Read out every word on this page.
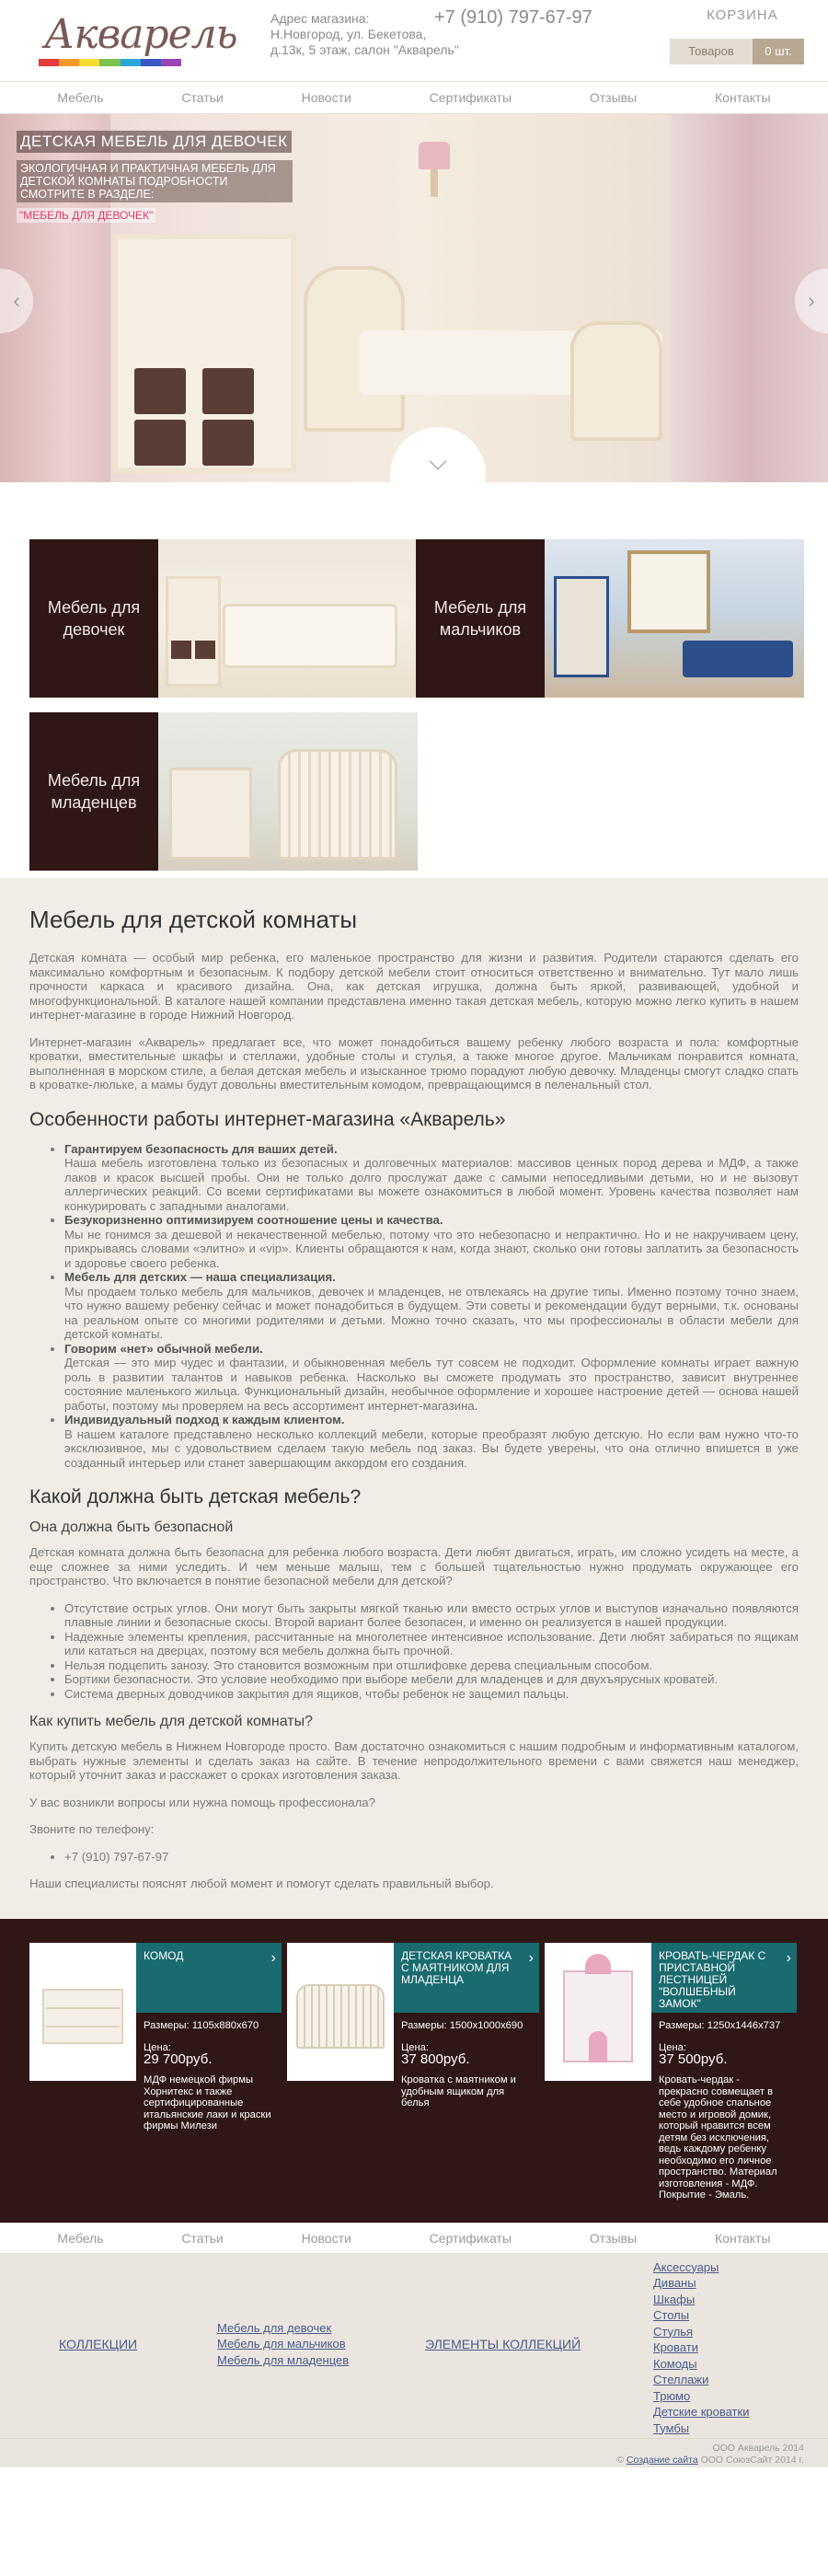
Акварель	Адрес магазина:
Н.Новгород, ул. Бекетова,
д.13к, 5 этаж, салон "Акварель"
+7 (910) 797-67-97	КОРЗИНА
Товаров	0 шт.
Мебель	Статьи	Новости	Сертификаты	Отзывы	Контакты
ДЕТСКАЯ МЕБЕЛЬ ДЛЯ ДЕВОЧЕК
ЭКОЛОГИЧНАЯ И ПРАКТИЧНАЯ МЕБЕЛЬ ДЛЯ ДЕТСКОЙ КОМНАТЫ ПОДРОБНОСТИ СМОТРИТЕ В РАЗДЕЛЕ:
"МЕБЕЛЬ ДЛЯ ДЕВОЧЕК"
‹	›
⌵
Мебель для девочек
Мебель для мальчиков
Мебель для младенцев
Мебель для детской комнаты

Детская комната — особый мир ребенка, его маленькое пространство для жизни и развития. Родители стараются сделать его максимально комфортным и безопасным. К подбору детской мебели стоит относиться ответственно и внимательно. Тут мало лишь прочности каркаса и красивого дизайна. Она, как детская игрушка, должна быть яркой, развивающей, удобной и многофункциональной. В каталоге нашей компании представлена именно такая детская мебель, которую можно легко купить в нашем интернет-магазине в городе Нижний Новгород.

Интернет-магазин «Акварель» предлагает все, что может понадобиться вашему ребенку любого возраста и пола: комфортные кроватки, вместительные шкафы и стеллажи, удобные столы и стулья, а также многое другое. Мальчикам понравится комната, выполненная в морском стиле, а белая детская мебель и изысканное трюмо порадуют любую девочку. Младенцы смогут сладко спать в кроватке-люльке, а мамы будут довольны вместительным комодом, превращающимся в пеленальный стол.

Особенности работы интернет-магазина «Акварель»
• Гарантируем безопасность для ваших детей.
Наша мебель изготовлена только из безопасных и долговечных материалов: массивов ценных пород дерева и МДФ, а также лаков и красок высшей пробы. Они не только долго прослужат даже с самыми непоседливыми детьми, но и не вызовут аллергических реакций. Со всеми сертификатами вы можете ознакомиться в любой момент. Уровень качества позволяет нам конкурировать с западными аналогами.
• Безукоризненно оптимизируем соотношение цены и качества.
Мы не гонимся за дешевой и некачественной мебелью, потому что это небезопасно и непрактично. Но и не накручиваем цену, прикрываясь словами «элитно» и «vip». Клиенты обращаются к нам, когда знают, сколько они готовы заплатить за безопасность и здоровье своего ребенка.
• Мебель для детских — наша специализация.
Мы продаем только мебель для мальчиков, девочек и младенцев, не отвлекаясь на другие типы. Именно поэтому точно знаем, что нужно вашему ребенку сейчас и может понадобиться в будущем. Эти советы и рекомендации будут верными, т.к. основаны на реальном опыте со многими родителями и детьми. Можно точно сказать, что мы профессионалы в области мебели для детской комнаты.
• Говорим «нет» обычной мебели.
Детская — это мир чудес и фантазии, и обыкновенная мебель тут совсем не подходит. Оформление комнаты играет важную роль в развитии талантов и навыков ребенка. Насколько вы сможете продумать это пространство, зависит внутреннее состояние маленького жильца. Функциональный дизайн, необычное оформление и хорошее настроение детей — основа нашей работы, поэтому мы проверяем на весь ассортимент интернет-магазина.
• Индивидуальный подход к каждым клиентом.
В нашем каталоге представлено несколько коллекций мебели, которые преобразят любую детскую. Но если вам нужно что-то эксклюзивное, мы с удовольствием сделаем такую мебель под заказ. Вы будете уверены, что она отлично впишется в уже созданный интерьер или станет завершающим аккордом его создания.
Какой должна быть детская мебель?
Она должна быть безопасной

Детская комната должна быть безопасна для ребенка любого возраста. Дети любят двигаться, играть, им сложно усидеть на месте, а еще сложнее за ними уследить. И чем меньше малыш, тем с большей тщательностью нужно продумать окружающее его пространство. Что включается в понятие безопасной мебели для детской?

• Отсутствие острых углов. Они могут быть закрыты мягкой тканью или вместо острых углов и выступов изначально появляются плавные линии и безопасные скосы. Второй вариант более безопасен, и именно он реализуется в нашей продукции.
• Надежные элементы крепления, рассчитанные на многолетнее интенсивное использование. Дети любят забираться по ящикам или кататься на дверцах, поэтому вся мебель должна быть прочной.
• Нельзя подцепить занозу. Это становится возможным при отшлифовке дерева специальным способом.
• Бортики безопасности. Это условие необходимо при выборе мебели для младенцев и для двухъярусных кроватей.
• Система дверных доводчиков закрытия для ящиков, чтобы ребенок не защемил пальцы.
Как купить мебель для детской комнаты?

Купить детскую мебель в Нижнем Новгороде просто. Вам достаточно ознакомиться с нашим подробным и информативным каталогом, выбрать нужные элементы и сделать заказ на сайте. В течение непродолжительного времени с вами свяжется наш менеджер, который уточнит заказ и расскажет о сроках изготовления заказа.

У вас возникли вопросы или нужна помощь профессионала?

Звоните по телефону:

• +7 (910) 797-67-97

Наши специалисты пояснят любой момент и помогут сделать правильный выбор.

КОМОД	›
Размеры: 1105х880х670
Цена:
29 700руб.
МДФ немецкой фирмы Хорнитекс и также сертифицированные итальянские лаки и краски фирмы Милези
ДЕТСКАЯ КРОВАТКА С МАЯТНИКОМ ДЛЯ МЛАДЕНЦА
›
Размеры: 1500х1000х690
Цена:
37 800руб.
Кроватка с маятником и удобным ящиком для белья
КРОВАТЬ-ЧЕРДАК С ПРИСТАВНОЙ ЛЕСТНИЦЕЙ "ВОЛШЕБНЫЙ ЗАМОК"
›
Размеры: 1250х1446х737
Цена:
37 500руб.
Кровать-чердак - прекрасно совмещает в себе удобное спальное место и игровой домик, который нравится всем детям без исключения, ведь каждому ребенку необходимо его личное пространство. Материал изготовления - МДФ. Покрытие - Эмаль.
Мебель	Статьи	Новости	Сертификаты	Отзывы	Контакты
КОЛЛЕКЦИИ
Мебель для девочек
Мебель для мальчиков
Мебель для младенцев
ЭЛЕМЕНТЫ КОЛЛЕКЦИЙ
Аксессуары
Диваны
Шкафы
Столы
Стулья
Кровати
Комоды
Стеллажи
Трюмо
Детские кроватки
Тумбы
ООО Акварель 2014
© Создание сайта ООО СоюзСайт 2014 г.
